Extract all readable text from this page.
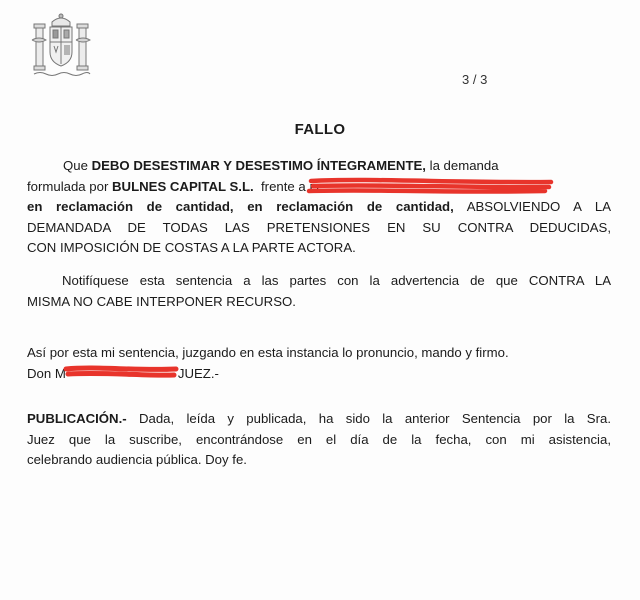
3 / 3
FALLO
Que DEBO DESESTIMAR Y DESESTIMO ÍNTEGRAMENTE, la demanda
formulada por BULNES CAPITAL S.L.  frente a D
en reclamación de cantidad, en reclamación de cantidad, ABSOLVIENDO A LA
DEMANDADA DE TODAS LAS PRETENSIONES EN SU CONTRA DEDUCIDAS,
CON IMPOSICIÓN DE COSTAS A LA PARTE ACTORA.
Notifíquese esta sentencia a las partes con la advertencia de que CONTRA LA
MISMA NO CABE INTERPONER RECURSO.
Así por esta mi sentencia, juzgando en esta instancia lo pronuncio, mando y firmo.
Don M	JUEZ.-
PUBLICACIÓN.- Dada, leída y publicada, ha sido la anterior Sentencia por la Sra.
Juez que la suscribe, encontrándose en el día de la fecha, con mi asistencia,
celebrando audiencia pública. Doy fe.
